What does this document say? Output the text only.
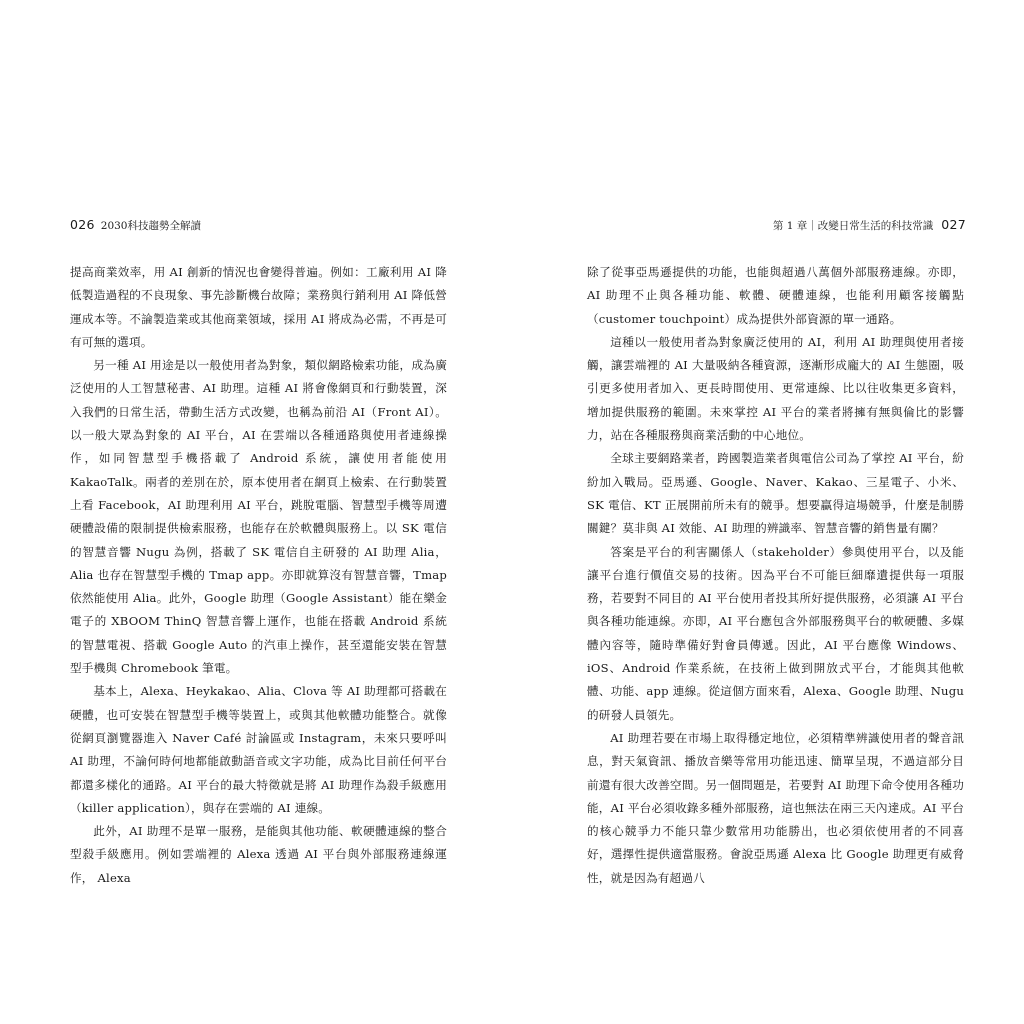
026 2030科技趨勢全解讀

提高商業效率，用 AI 創新的情況也會變得普遍。例如：工廠利用 AI 降低製造過程的不良現象、事先診斷機台故障；業務與行銷利用 AI 降低營運成本等。不論製造業或其他商業領域，採用 AI 將成為必需，不再是可有可無的選項。

另一種 AI 用途是以一般使用者為對象，類似網路檢索功能，成為廣泛使用的人工智慧秘書、AI 助理。這種 AI 將會像網頁和行動裝置，深入我們的日常生活，帶動生活方式改變，也稱為前沿 AI（Front AI）。以一般大眾為對象的 AI 平台，AI 在雲端以各種通路與使用者連線操作，如同智慧型手機搭載了 Android 系統，讓使用者能使用 KakaoTalk。兩者的差別在於，原本使用者在網頁上檢索、在行動裝置上看 Facebook，AI 助理利用 AI 平台，跳脫電腦、智慧型手機等周遭硬體設備的限制提供檢索服務，也能存在於軟體與服務上。以 SK 電信的智慧音響 Nugu 為例，搭載了 SK 電信自主研發的 AI 助理 Alia，Alia 也存在智慧型手機的 Tmap app。亦即就算沒有智慧音響，Tmap 依然能使用 Alia。此外，Google 助理（Google Assistant）能在樂金電子的 XBOOM ThinQ 智慧音響上運作，也能在搭載 Android 系統的智慧電視、搭載 Google Auto 的汽車上操作，甚至還能安裝在智慧型手機與 Chromebook 筆電。

基本上，Alexa、Heykakao、Alia、Clova 等 AI 助理都可搭載在硬體，也可安裝在智慧型手機等裝置上，或與其他軟體功能整合。就像從網頁瀏覽器進入 Naver Café 討論區或 Instagram，未來只要呼叫 AI 助理，不論何時何地都能啟動語音或文字功能，成為比目前任何平台都還多樣化的通路。AI 平台的最大特徵就是將 AI 助理作為殺手級應用（killer application），與存在雲端的 AI 連線。

此外，AI 助理不是單一服務，是能與其他功能、軟硬體連線的整合型殺手級應用。例如雲端裡的 Alexa 透過 AI 平台與外部服務連線運作， Alexa

第 1 章｜改變日常生活的科技常識 027

除了從事亞馬遜提供的功能，也能與超過八萬個外部服務連線。亦即，AI 助理不止與各種功能、軟體、硬體連線，也能利用顧客接觸點（customer touchpoint）成為提供外部資源的單一通路。

這種以一般使用者為對象廣泛使用的 AI，利用 AI 助理與使用者接觸，讓雲端裡的 AI 大量吸納各種資源，逐漸形成龐大的 AI 生態圈，吸引更多使用者加入、更長時間使用、更常連線、比以往收集更多資料，增加提供服務的範圍。未來掌控 AI 平台的業者將擁有無與倫比的影響力，站在各種服務與商業活動的中心地位。

全球主要網路業者，跨國製造業者與電信公司為了掌控 AI 平台，紛紛加入戰局。亞馬遜、Google、Naver、Kakao、三星電子、小米、SK 電信、KT 正展開前所未有的競爭。想要贏得這場競爭，什麼是制勝關鍵？莫非與 AI 效能、AI 助理的辨識率、智慧音響的銷售量有關？

答案是平台的利害關係人（stakeholder）參與使用平台，以及能讓平台進行價值交易的技術。因為平台不可能巨細靡遺提供每一項服務，若要對不同目的 AI 平台使用者投其所好提供服務，必須讓 AI 平台與各種功能連線。亦即，AI 平台應包含外部服務與平台的軟硬體、多媒體內容等，隨時準備好對會員傳遞。因此，AI 平台應像 Windows、iOS、Android 作業系統，在技術上做到開放式平台，才能與其他軟體、功能、app 連線。從這個方面來看，Alexa、Google 助理、Nugu 的研發人員領先。

AI 助理若要在市場上取得穩定地位，必須精準辨識使用者的聲音訊息，對天氣資訊、播放音樂等常用功能迅速、簡單呈現，不過這部分目前還有很大改善空間。另一個問題是，若要對 AI 助理下命令使用各種功能，AI 平台必須收錄多種外部服務，這也無法在兩三天內達成。AI 平台的核心競爭力不能只靠少數常用功能勝出，也必須依使用者的不同喜好，選擇性提供適當服務。會說亞馬遜 Alexa 比 Google 助理更有威脅性，就是因為有超過八
